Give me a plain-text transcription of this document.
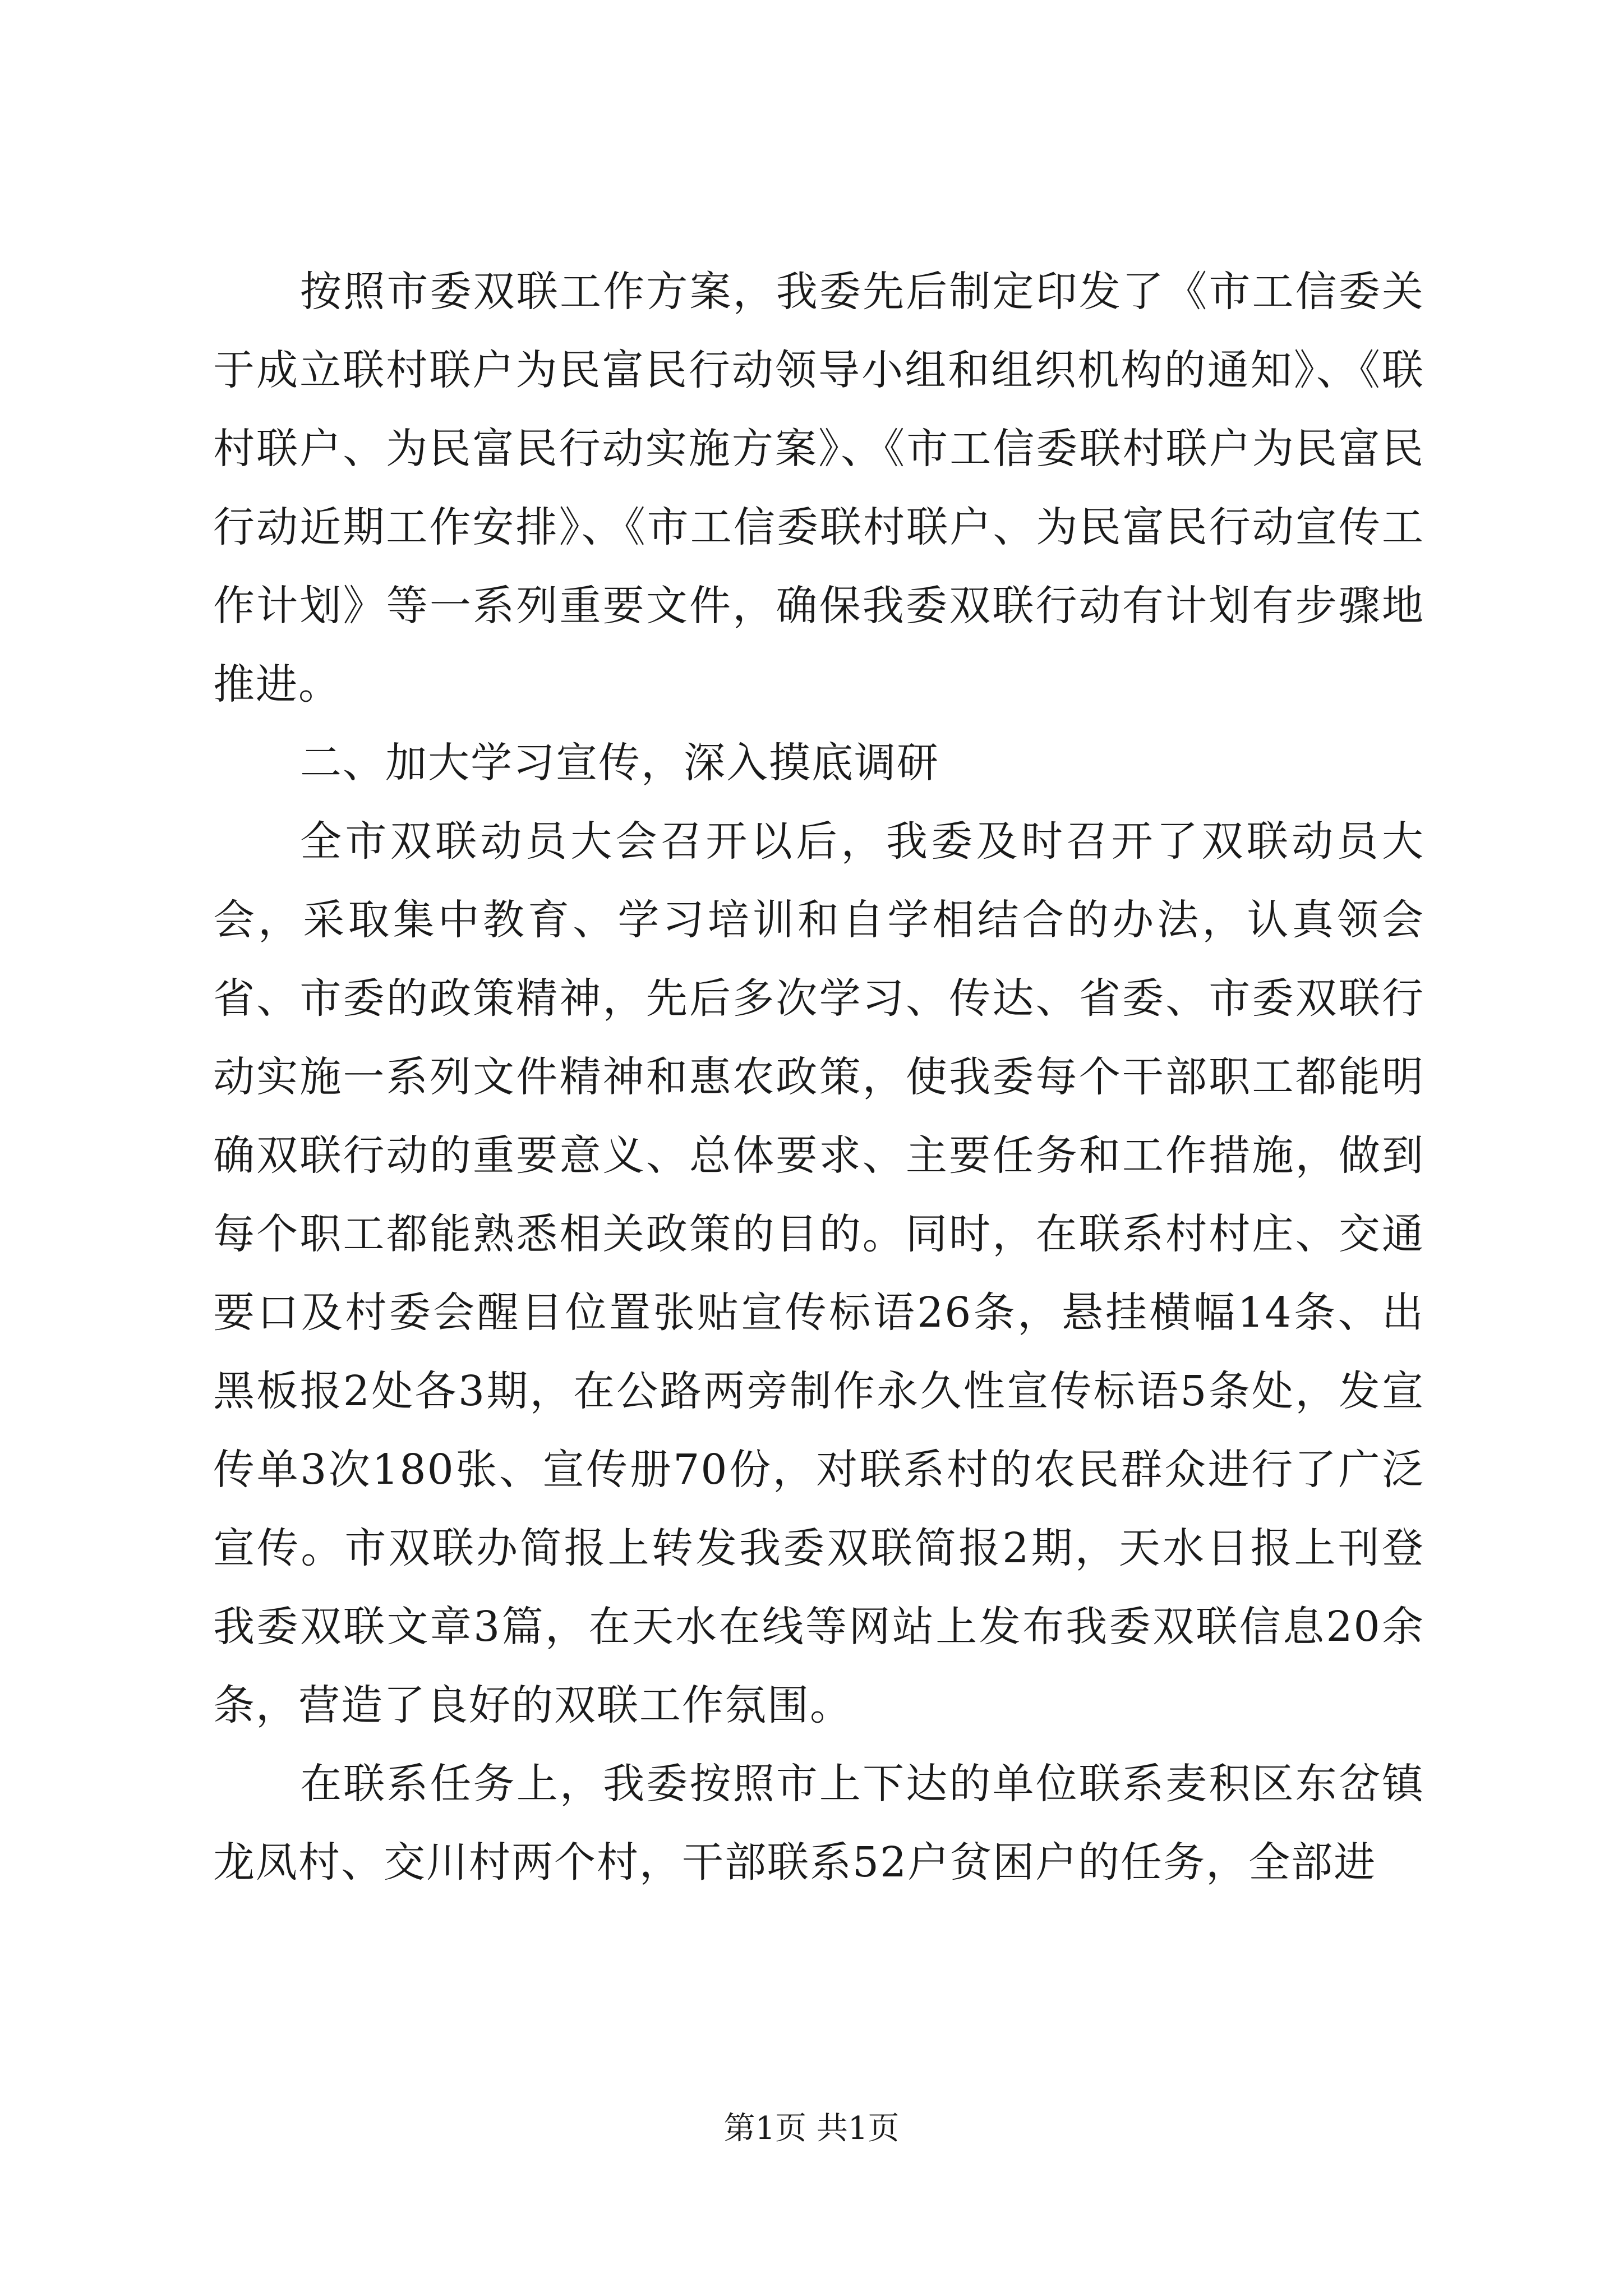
按照市委双联工作方案，我委先后制定印发了《市工信委关于成立联村联户为民富民行动领导小组和组织机构的通知》、《联村联户、为民富民行动实施方案》、《市工信委联村联户为民富民行动近期工作安排》、《市工信委联村联户、为民富民行动宣传工作计划》等一系列重要文件，确保我委双联行动有计划有步骤地推进。

二、加大学习宣传，深入摸底调研

全市双联动员大会召开以后，我委及时召开了双联动员大会，采取集中教育、学习培训和自学相结合的办法，认真领会省、市委的政策精神，先后多次学习、传达、省委、市委双联行动实施一系列文件精神和惠农政策，使我委每个干部职工都能明确双联行动的重要意义、总体要求、主要任务和工作措施，做到每个职工都能熟悉相关政策的目的。同时，在联系村村庄、交通要口及村委会醒目位置张贴宣传标语26条，悬挂横幅14条、出黑板报2处各3期，在公路两旁制作永久性宣传标语5条处，发宣传单3次180张、宣传册70份，对联系村的农民群众进行了广泛宣传。市双联办简报上转发我委双联简报2期，天水日报上刊登我委双联文章3篇，在天水在线等网站上发布我委双联信息20余条，营造了良好的双联工作氛围。

在联系任务上，我委按照市上下达的单位联系麦积区东岔镇龙凤村、交川村两个村，干部联系52户贫困户的任务，全部进

第1页 共1页
